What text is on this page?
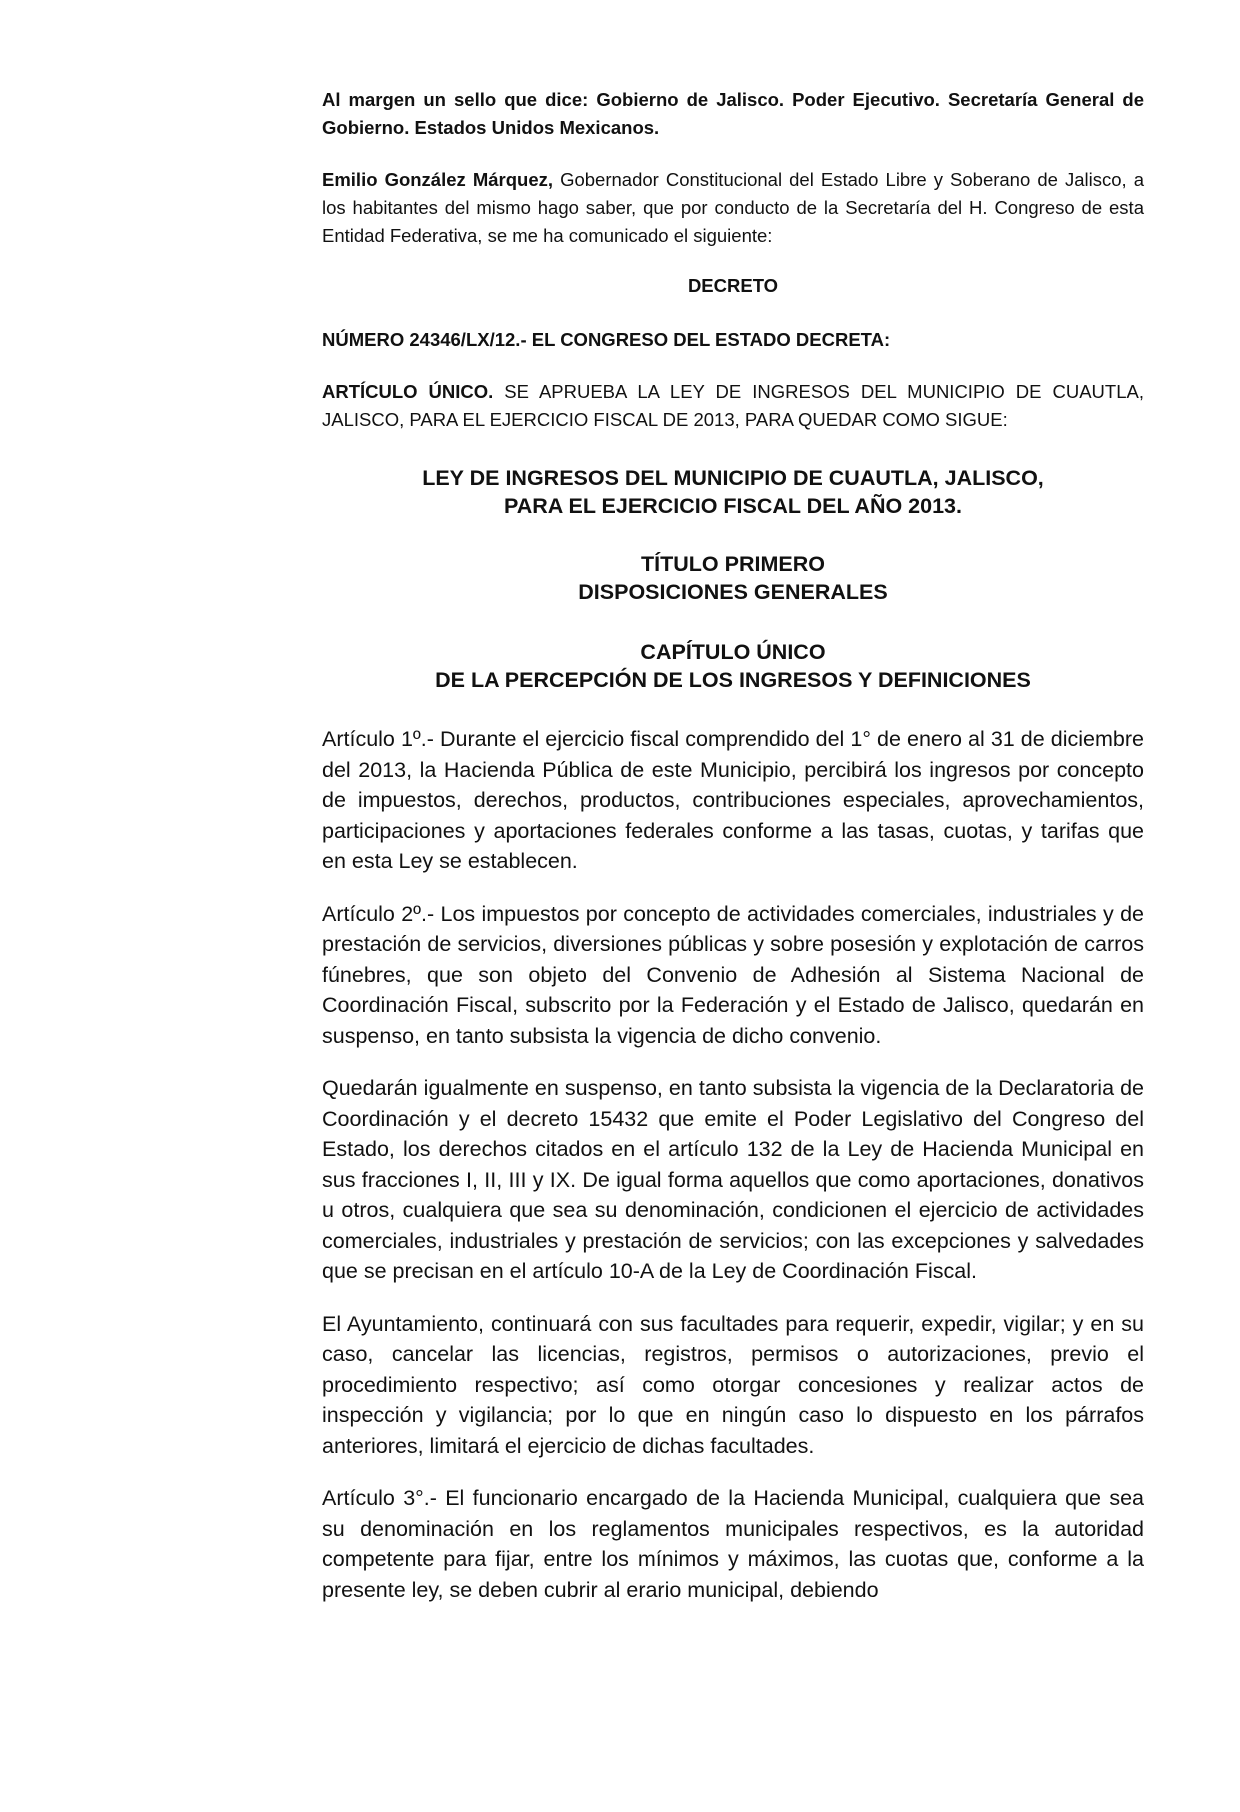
Al margen un sello que dice: Gobierno de Jalisco. Poder Ejecutivo. Secretaría General de Gobierno. Estados Unidos Mexicanos.

Emilio González Márquez, Gobernador Constitucional del Estado Libre y Soberano de Jalisco, a los habitantes del mismo hago saber, que por conducto de la Secretaría del H. Congreso de esta Entidad Federativa, se me ha comunicado el siguiente:

DECRETO

NÚMERO 24346/LX/12.- EL CONGRESO DEL ESTADO DECRETA:

ARTÍCULO ÚNICO. SE APRUEBA LA LEY DE INGRESOS DEL MUNICIPIO DE CUAUTLA, JALISCO, PARA EL EJERCICIO FISCAL DE 2013, PARA QUEDAR COMO SIGUE:

LEY DE INGRESOS DEL MUNICIPIO DE CUAUTLA, JALISCO,

PARA EL EJERCICIO FISCAL DEL AÑO 2013.

TÍTULO PRIMERO

DISPOSICIONES GENERALES

CAPÍTULO ÚNICO

DE LA PERCEPCIÓN DE LOS INGRESOS Y DEFINICIONES

Artículo 1º.- Durante el ejercicio fiscal comprendido del 1° de enero al 31 de diciembre del 2013, la Hacienda Pública de este Municipio, percibirá los ingresos por concepto de impuestos, derechos, productos, contribuciones especiales, aprovechamientos, participaciones y aportaciones federales conforme a las tasas, cuotas, y tarifas que en esta Ley se establecen.

Artículo 2º.- Los impuestos por concepto de actividades comerciales, industriales y de prestación de servicios, diversiones públicas y sobre posesión y explotación de carros fúnebres, que son objeto del Convenio de Adhesión al Sistema Nacional de Coordinación Fiscal, subscrito por la Federación y el Estado de Jalisco, quedarán en suspenso, en tanto subsista la vigencia de dicho convenio.

Quedarán igualmente en suspenso, en tanto subsista la vigencia de la Declaratoria de Coordinación y el decreto 15432 que emite el Poder Legislativo del Congreso del Estado, los derechos citados en el artículo 132 de la Ley de Hacienda Municipal en sus fracciones I, II, III y IX. De igual forma aquellos que como aportaciones, donativos u otros, cualquiera que sea su denominación, condicionen el ejercicio de actividades comerciales, industriales y prestación de servicios; con las excepciones y salvedades que se precisan en el artículo 10-A de la Ley de Coordinación Fiscal.

El Ayuntamiento, continuará con sus facultades para requerir, expedir, vigilar; y en su caso, cancelar las licencias, registros, permisos o autorizaciones, previo el procedimiento respectivo; así como otorgar concesiones y realizar actos de inspección y vigilancia; por lo que en ningún caso lo dispuesto en los párrafos anteriores, limitará el ejercicio de dichas facultades.

Artículo 3°.- El funcionario encargado de la Hacienda Municipal, cualquiera que sea su denominación en los reglamentos municipales respectivos, es la autoridad competente para fijar, entre los mínimos y máximos, las cuotas que, conforme a la presente ley, se deben cubrir al erario municipal, debiendo
